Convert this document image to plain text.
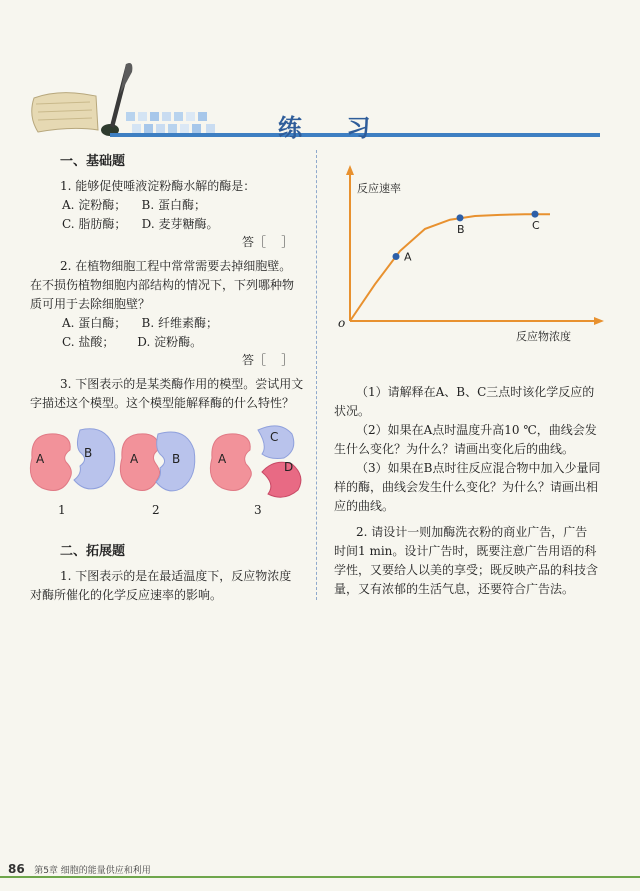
练 习
一、基础题
1. 能够促使唾液淀粉酶水解的酶是：
A. 淀粉酶；    B. 蛋白酶；
C. 脂肪酶；    D. 麦芽糖酶。
答［    ］
2. 在植物细胞工程中常常需要去掉细胞壁。
在不损伤植物细胞内部结构的情况下，下列哪种物
质可用于去除细胞壁？
A. 蛋白酶；    B. 纤维素酶；
C. 盐酸；      D. 淀粉酶。
答［    ］
3. 下图表示的是某类酶作用的模型。尝试用文
字描述这个模型。这个模型能解释酶的什么特性？
A	B	A	B	A
C
D
1	2	3
二、拓展题
1. 下图表示的是在最适温度下，反应物浓度
对酶所催化的化学反应速率的影响。
A
B	C
反应速率
反应物浓度
o
（1）请解释在A、B、C三点时该化学反应的
状况。
（2）如果在A点时温度升高10 ℃，曲线会发
生什么变化？为什么？请画出变化后的曲线。
（3）如果在B点时往反应混合物中加入少量同
样的酶，曲线会发生什么变化？为什么？请画出相
应的曲线。
2. 请设计一则加酶洗衣粉的商业广告，广告
时间1 min。设计广告时，既要注意广告用语的科
学性，又要给人以美的享受；既反映产品的科技含
量，又有浓郁的生活气息，还要符合广告法。
86 第5章 细胞的能量供应和利用
